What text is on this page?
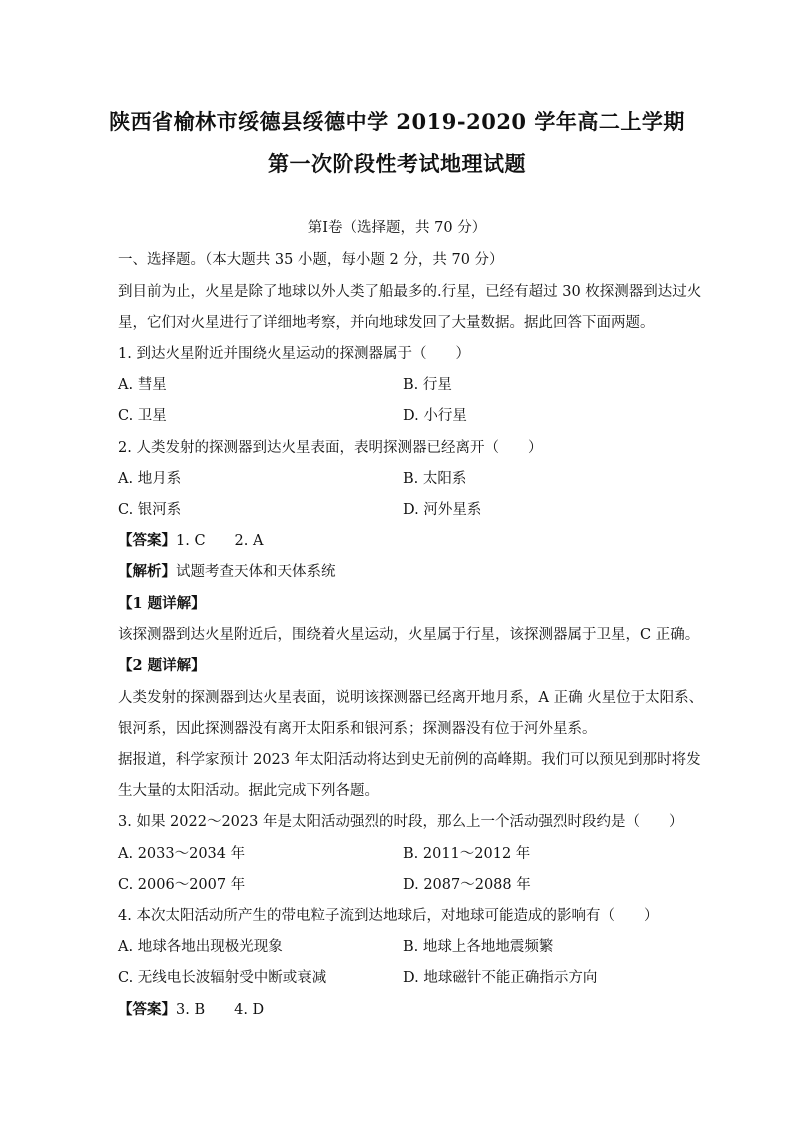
陕西省榆林市绥德县绥德中学 2019-2020 学年高二上学期
第一次阶段性考试地理试题
第Ⅰ卷（选择题，共 70 分）
一、选择题。（本大题共 35 小题，每小题 2 分，共 70 分）
到目前为止，火星是除了地球以外人类了船最多的.行星，已经有超过 30 枚探测器到达过火
星，它们对火星进行了详细地考察，并向地球发回了大量数据。据此回答下面两题。
1. 到达火星附近并围绕火星运动的探测器属于（　　）
A. 彗星	B. 行星
C. 卫星	D. 小行星
2. 人类发射的探测器到达火星表面，表明探测器已经离开（　　）
A. 地月系	B. 太阳系
C. 银河系	D. 河外星系
【答案】1. C　　2. A
【解析】试题考查天体和天体系统
【1 题详解】
该探测器到达火星附近后，围绕着火星运动，火星属于行星，该探测器属于卫星，C 正确。
【2 题详解】
人类发射的探测器到达火星表面，说明该探测器已经离开地月系，A 正确 火星位于太阳系、
银河系，因此探测器没有离开太阳系和银河系；探测器没有位于河外星系。
据报道，科学家预计 2023 年太阳活动将达到史无前例的高峰期。我们可以预见到那时将发
生大量的太阳活动。据此完成下列各题。
3. 如果 2022～2023 年是太阳活动强烈的时段，那么上一个活动强烈时段约是（　　）
A. 2033～2034 年	B. 2011～2012 年
C. 2006～2007 年	D. 2087～2088 年
4. 本次太阳活动所产生的带电粒子流到达地球后，对地球可能造成的影响有（　　）
A. 地球各地出现极光现象	B. 地球上各地地震频繁
C. 无线电长波辐射受中断或衰减	D. 地球磁针不能正确指示方向
【答案】3. B　　4. D
